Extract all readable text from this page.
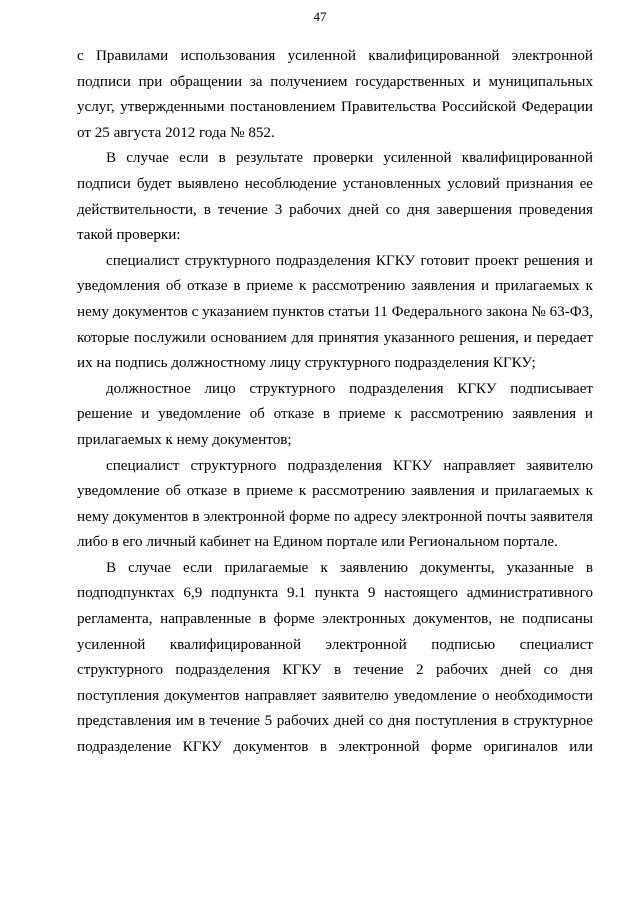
47

с Правилами использования усиленной квалифицированной электронной подписи при обращении за получением государственных и муниципальных услуг, утвержденными постановлением Правительства Российской Федерации от 25 августа 2012 года № 852.

В случае если в результате проверки усиленной квалифицированной подписи будет выявлено несоблюдение установленных условий признания ее действительности, в течение 3 рабочих дней со дня завершения проведения такой проверки:

специалист структурного подразделения КГКУ готовит проект решения и уведомления об отказе в приеме к рассмотрению заявления и прилагаемых к нему документов с указанием пунктов статьи 11 Федерального закона № 63-ФЗ, которые послужили основанием для принятия указанного решения, и передает их на подпись должностному лицу структурного подразделения КГКУ;

должностное лицо структурного подразделения КГКУ подписывает решение и уведомление об отказе в приеме к рассмотрению заявления и прилагаемых к нему документов;

специалист структурного подразделения КГКУ направляет заявителю уведомление об отказе в приеме к рассмотрению заявления и прилагаемых к нему документов в электронной форме по адресу электронной почты заявителя либо в его личный кабинет на Едином портале или Региональном портале.

В случае если прилагаемые к заявлению документы, указанные в подподпунктах 6,9 подпункта 9.1 пункта 9 настоящего административного регламента, направленные в форме электронных документов, не подписаны усиленной квалифицированной электронной подписью специалист структурного подразделения КГКУ в течение 2 рабочих дней со дня поступления документов направляет заявителю уведомление о необходимости представления им в течение 5 рабочих дней со дня поступления в структурное подразделение КГКУ документов в электронной форме оригиналов или
